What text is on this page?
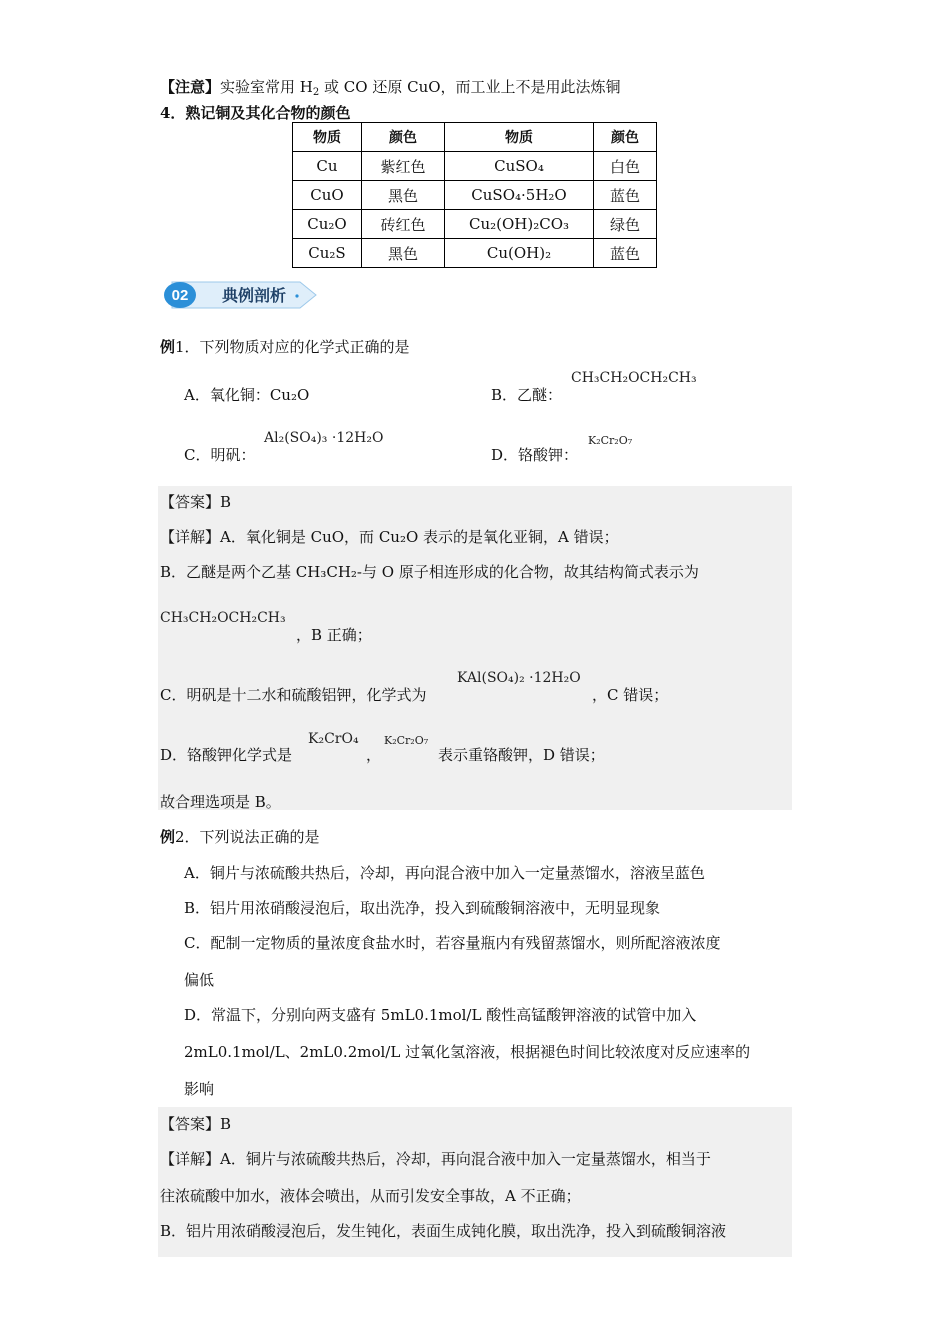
【注意】实验室常用 $H_2$ 或 CO 还原 CuO，而工业上不是用此法炼铜
4．熟记铜及其化合物的颜色
物质	颜色	物质	颜色
Cu	紫红色	CuSO₄	白色
CuO	黑色	CuSO₄·5H₂O	蓝色
Cu₂O	砖红色	Cu₂(OH)₂CO₃	绿色
Cu₂S	黑色	Cu(OH)₂	蓝色
02 典例剖析
例1．下列物质对应的化学式正确的是
A．氧化铜：Cu₂O	B．乙醚：
CH₃CH₂OCH₂CH₃
C．明矾：
Al₂(SO₄)₃ ·12H₂O
D．铬酸钾：
K₂Cr₂O₇
【答案】B
【详解】A．氧化铜是 CuO，而 Cu₂O 表示的是氧化亚铜，A 错误；
B．乙醚是两个乙基 CH₃CH₂-与 O 原子相连形成的化合物，故其结构简式表示为
CH₃CH₂OCH₂CH₃
，B 正确；
C．明矾是十二水和硫酸铝钾，化学式为
KAl(SO₄)₂ ·12H₂O
，C 错误；
D．铬酸钾化学式是
K₂CrO₄
，
K₂Cr₂O₇
表示重铬酸钾，D 错误；
故合理选项是 B。
例2．下列说法正确的是
A．铜片与浓硫酸共热后，冷却，再向混合液中加入一定量蒸馏水，溶液呈蓝色
B．铝片用浓硝酸浸泡后，取出洗净，投入到硫酸铜溶液中，无明显现象
C．配制一定物质的量浓度食盐水时，若容量瓶内有残留蒸馏水，则所配溶液浓度
偏低
D．常温下，分别向两支盛有 5mL0.1mol/L 酸性高锰酸钾溶液的试管中加入
2mL0.1mol/L、2mL0.2mol/L 过氧化氢溶液，根据褪色时间比较浓度对反应速率的
影响
【答案】B
【详解】A．铜片与浓硫酸共热后，冷却，再向混合液中加入一定量蒸馏水，相当于
往浓硫酸中加水，液体会喷出，从而引发安全事故，A 不正确；
B．铝片用浓硝酸浸泡后，发生钝化，表面生成钝化膜，取出洗净，投入到硫酸铜溶液
